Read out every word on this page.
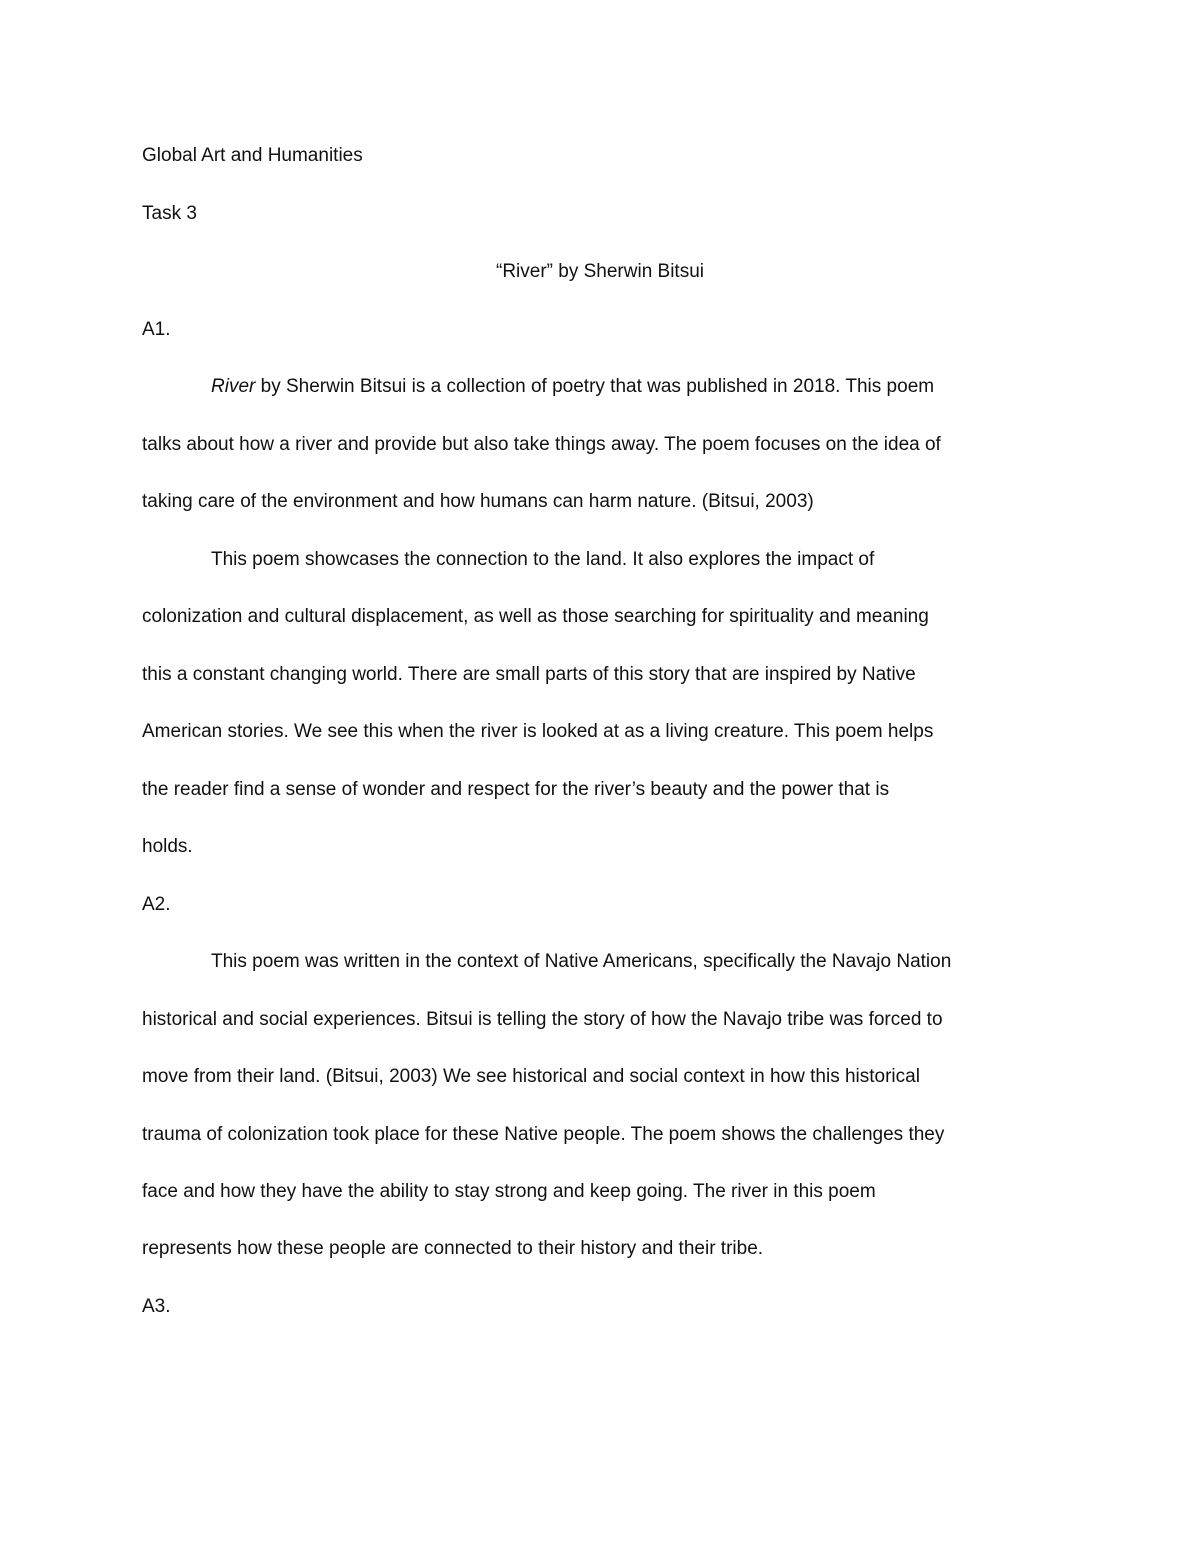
Global Art and Humanities
Task 3
“River” by Sherwin Bitsui
A1.
River by Sherwin Bitsui is a collection of poetry that was published in 2018. This poem
talks about how a river and provide but also take things away. The poem focuses on the idea of
taking care of the environment and how humans can harm nature. (Bitsui, 2003)
This poem showcases the connection to the land. It also explores the impact of
colonization and cultural displacement, as well as those searching for spirituality and meaning
this a constant changing world. There are small parts of this story that are inspired by Native
American stories. We see this when the river is looked at as a living creature. This poem helps
the reader find a sense of wonder and respect for the river’s beauty and the power that is
holds.
A2.
This poem was written in the context of Native Americans, specifically the Navajo Nation
historical and social experiences. Bitsui is telling the story of how the Navajo tribe was forced to
move from their land. (Bitsui, 2003) We see historical and social context in how this historical
trauma of colonization took place for these Native people. The poem shows the challenges they
face and how they have the ability to stay strong and keep going. The river in this poem
represents how these people are connected to their history and their tribe.
A3.
